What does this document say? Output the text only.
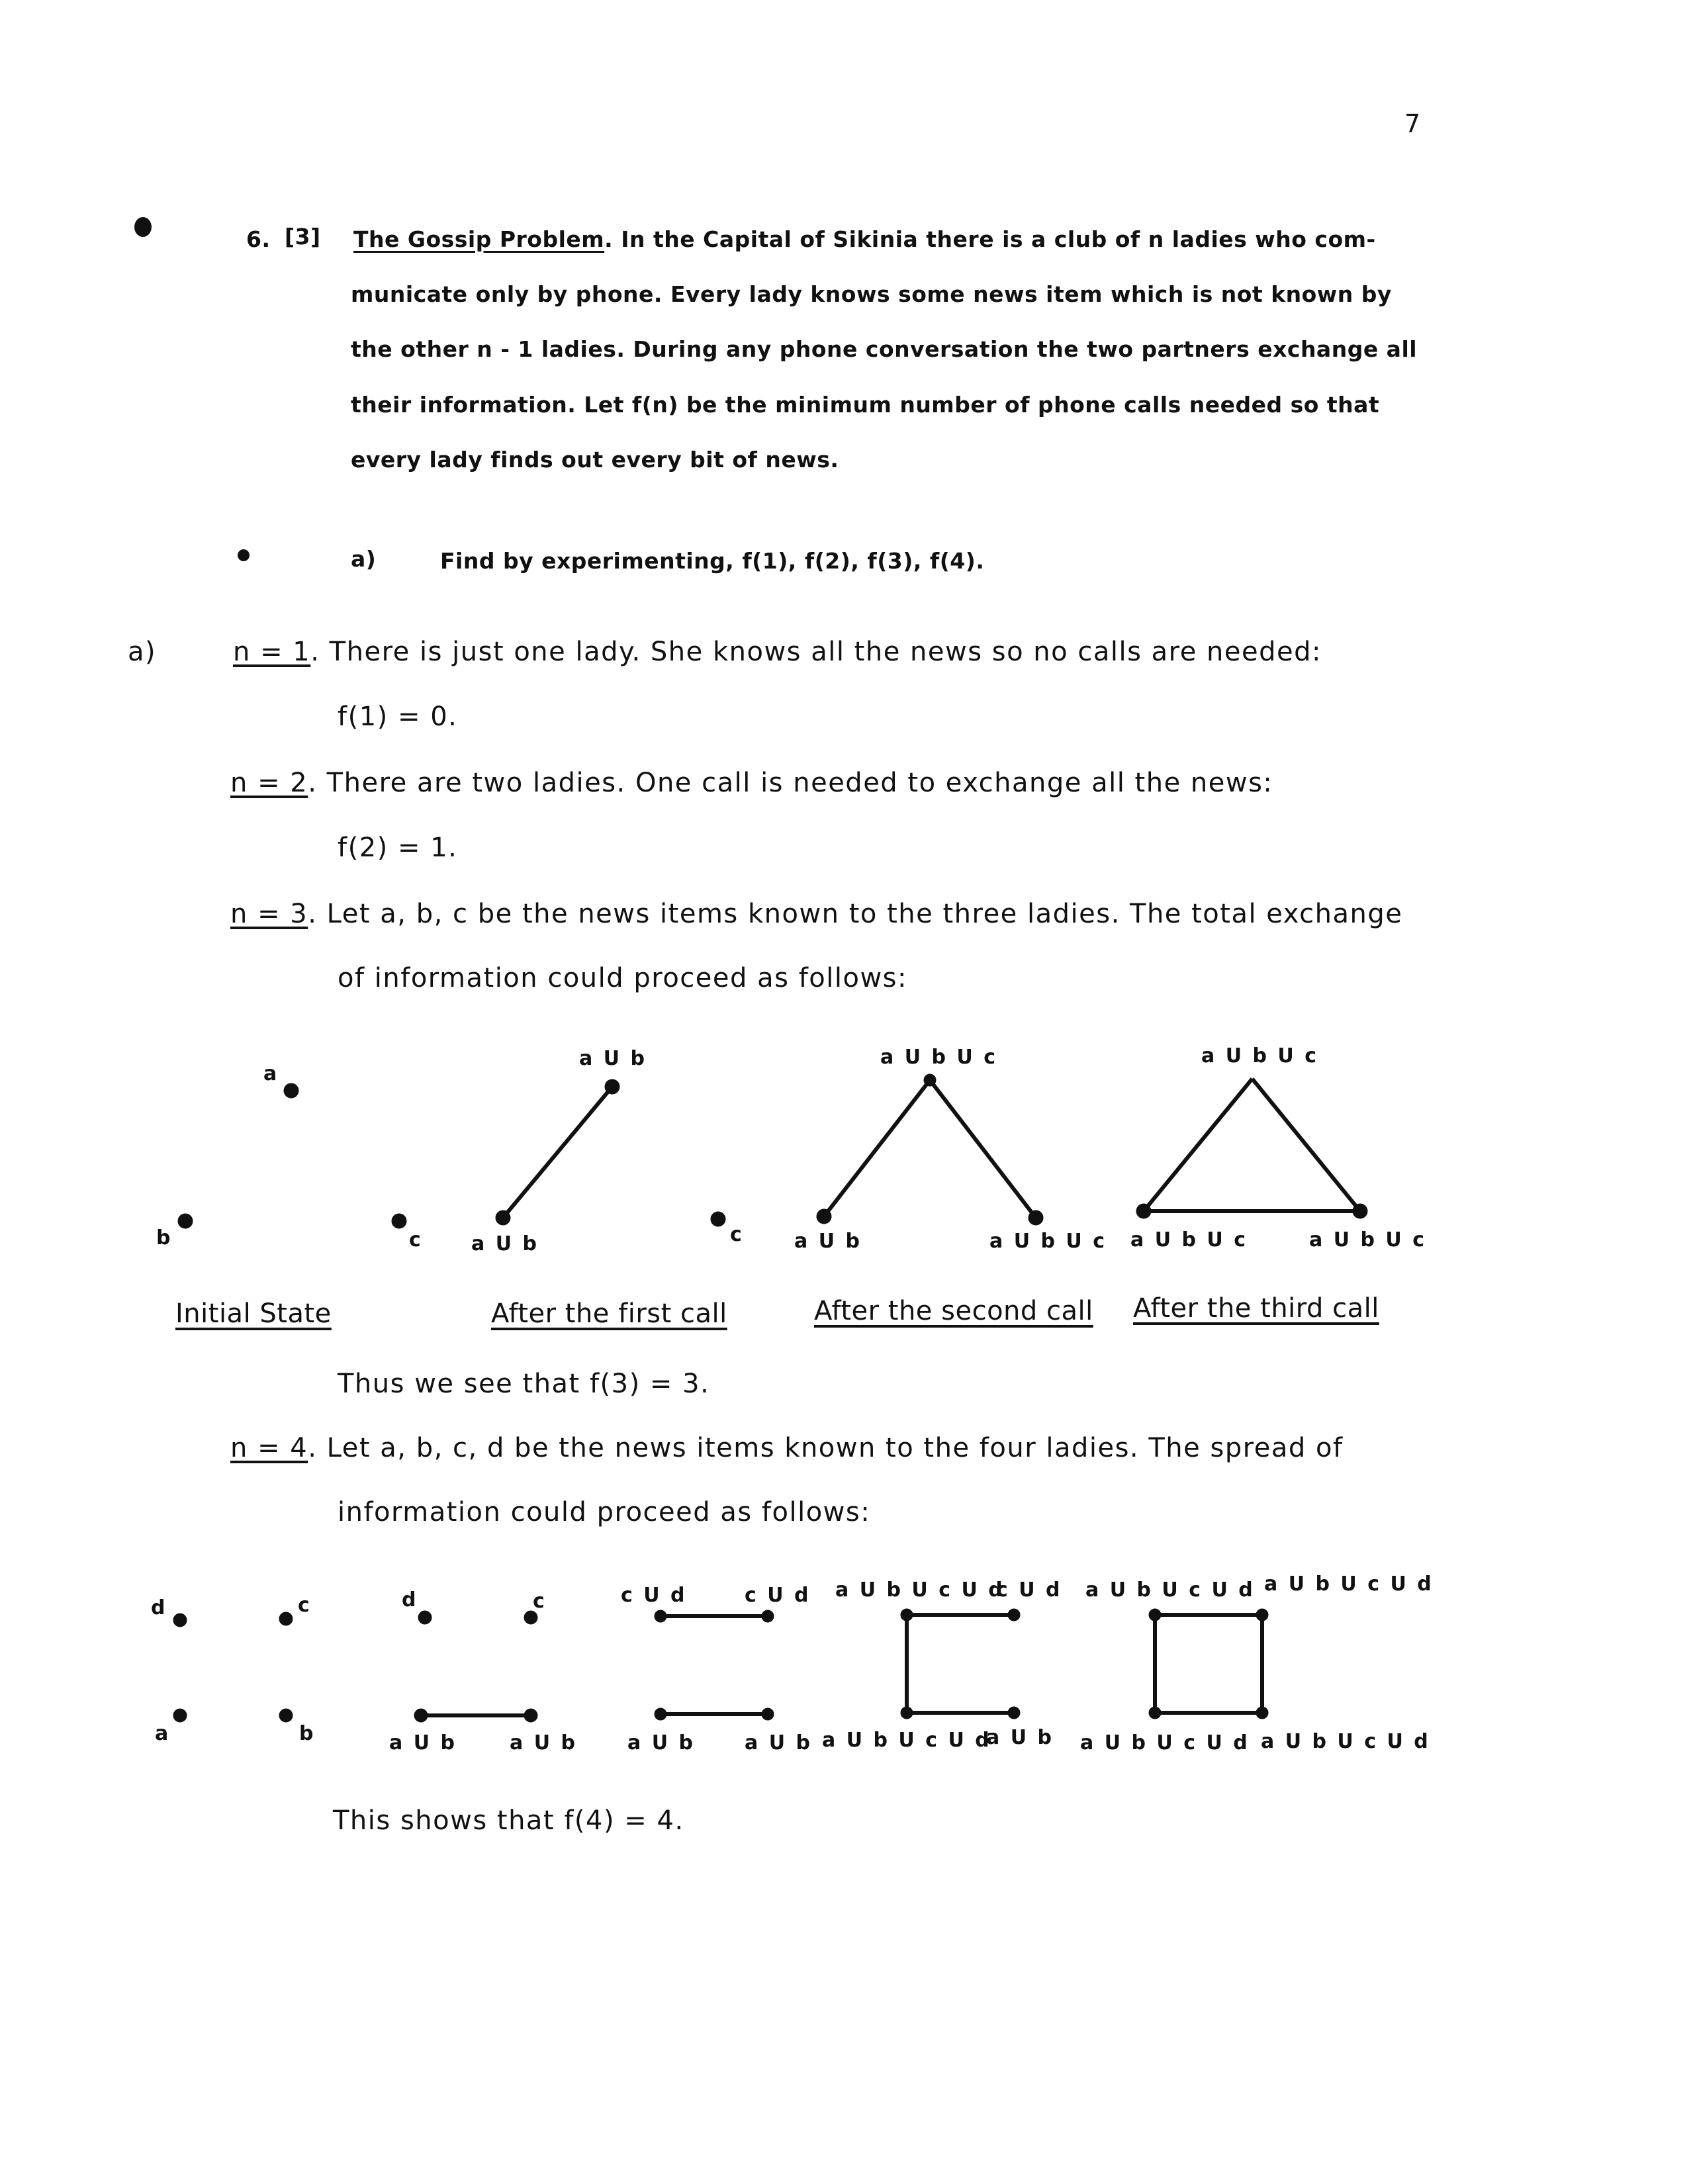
7
6. [3] The Gossip Problem. In the Capital of Sikinia there is a club of n ladies who com-
municate only by phone. Every lady knows some news item which is not known by
the other n - 1 ladies. During any phone conversation the two partners exchange all
their information. Let f(n) be the minimum number of phone calls needed so that
every lady finds out every bit of news.
a)	Find by experimenting, f(1), f(2), f(3), f(4).
a)	n = 1. There is just one lady. She knows all the news so no calls are needed:
f(1) = 0.
n = 2. There are two ladies. One call is needed to exchange all the news:
f(2) = 1.
n = 3. Let a, b, c be the news items known to the three ladies. The total exchange
of information could proceed as follows:
a
b	c
a U b
a U b	c
a U b U c
a U b	a U b U c
a U b U c
a U b U c	a U b U c
Initial State	After the first call	After the second call After the third call
Thus we see that f(3) = 3.
n = 4. Let a, b, c, d be the news items known to the four ladies. The spread of
information could proceed as follows:
d	c
a	b
d	c
a U b	a U b
c U d	c U d
a U b	a U b
a U b U c U d
c U d
a U b U c U d
a U b
a U b U c U d a U b U c U d
a U b U c U d a U b U c U d
This shows that f(4) = 4.
